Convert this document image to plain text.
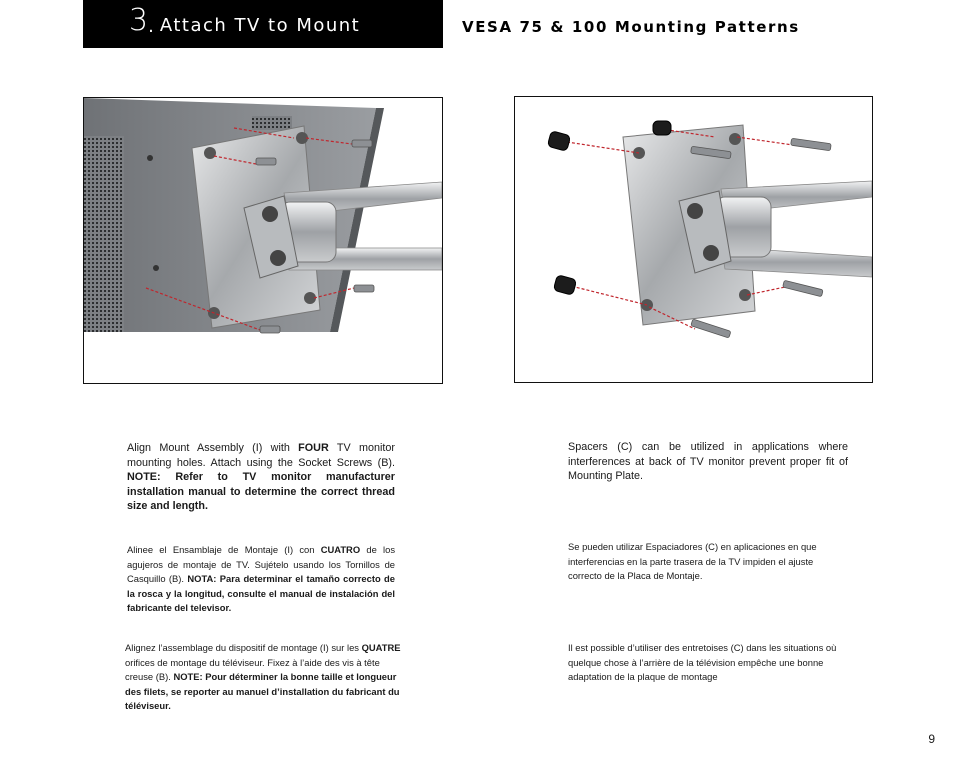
3 . Attach TV to Mount	VESA 75 & 100 Mounting Patterns
Align Mount Assembly (I) with FOUR TV monitor mounting holes. Attach using the Socket Screws (B). NOTE: Refer to TV monitor manufacturer installation manual to determine the correct thread size and length.
Alinee el Ensamblaje de Montaje (I) con CUATRO de los agujeros de montaje de TV. Sujételo usando los Tornillos de Casquillo (B). NOTA: Para determinar el tamaño correcto de la rosca y la longitud, consulte el manual de instalación del fabricante del televisor.
Alignez l’assemblage du dispositif de montage (I) sur les QUATRE orifices de montage du téléviseur. Fixez à l’aide des vis à tête creuse (B). NOTE: Pour déterminer la bonne taille et longueur des filets, se reporter au manuel d’installation du fabricant du téléviseur.
Spacers (C) can be utilized in applications where interferences at back of TV monitor prevent proper fit of Mounting Plate.
Se pueden utilizar Espaciadores (C) en aplicaciones en que interferencias en la parte trasera de la TV impiden el ajuste correcto de la Placa de Montaje.
Il est possible d’utiliser des entretoises (C) dans les situations où quelque chose à l’arrière de la télévision empêche une bonne adaptation de la plaque de montage
9
